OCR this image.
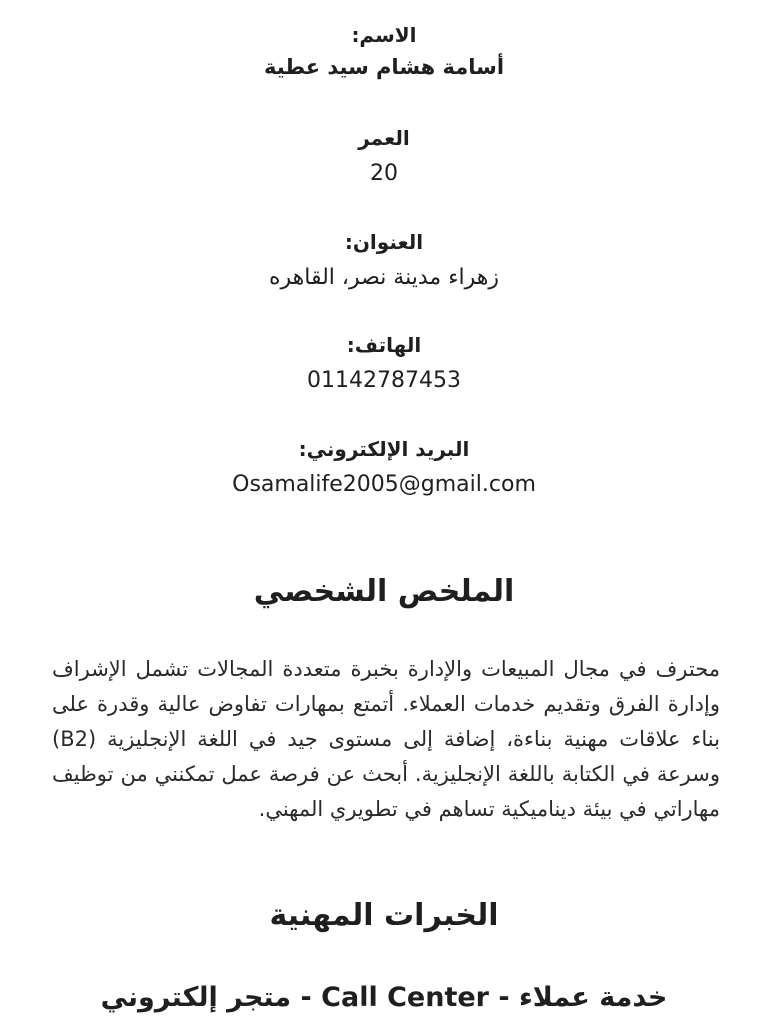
الاسم:
أسامة هشام سيد عطية
العمر
20
العنوان:
زهراء مدينة نصر، القاهره
الهاتف:
01142787453
البريد الإلكتروني:
Osamalife2005@gmail.com
الملخص الشخصي

محترف في مجال المبيعات والإدارة بخبرة متعددة المجالات تشمل الإشراف وإدارة الفرق وتقديم خدمات العملاء. أتمتع بمهارات تفاوض عالية وقدرة على بناء علاقات مهنية بناءة، إضافة إلى مستوى جيد في اللغة الإنجليزية (B2) وسرعة في الكتابة باللغة الإنجليزية. أبحث عن فرصة عمل تمكنني من توظيف مهاراتي في بيئة ديناميكية تساهم في تطويري المهني.

الخبرات المهنية
خدمة عملاء - Call Center - متجر إلكتروني
